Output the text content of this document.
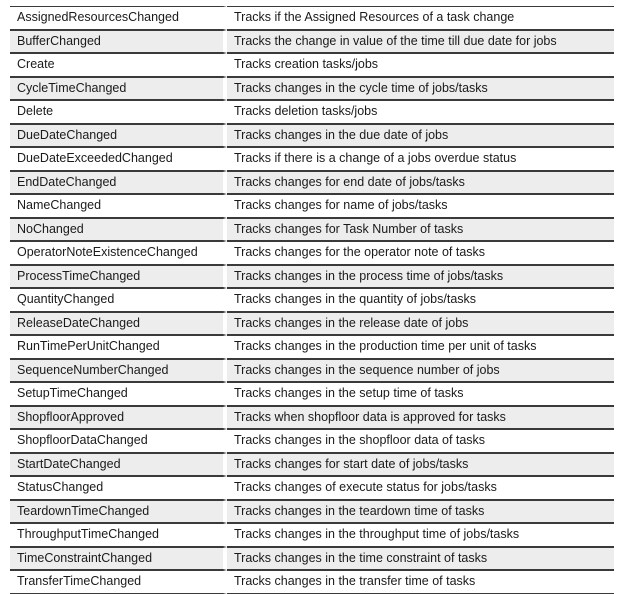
AssignedResourcesChanged	Tracks if the Assigned Resources of a task change
BufferChanged	Tracks the change in value of the time till due date for jobs
Create	Tracks creation tasks/jobs
CycleTimeChanged	Tracks changes in the cycle time of jobs/tasks
Delete	Tracks deletion tasks/jobs
DueDateChanged	Tracks changes in the due date of jobs
DueDateExceededChanged	Tracks if there is a change of a jobs overdue status
EndDateChanged	Tracks changes for end date of jobs/tasks
NameChanged	Tracks changes for name of jobs/tasks
NoChanged	Tracks changes for Task Number of tasks
OperatorNoteExistenceChanged	Tracks changes for the operator note of tasks
ProcessTimeChanged	Tracks changes in the process time of jobs/tasks
QuantityChanged	Tracks changes in the quantity of jobs/tasks
ReleaseDateChanged	Tracks changes in the release date of jobs
RunTimePerUnitChanged	Tracks changes in the production time per unit of tasks
SequenceNumberChanged	Tracks changes in the sequence number of jobs
SetupTimeChanged	Tracks changes in the setup time of tasks
ShopfloorApproved	Tracks when shopfloor data is approved for tasks
ShopfloorDataChanged	Tracks changes in the shopfloor data of tasks
StartDateChanged	Tracks changes for start date of jobs/tasks
StatusChanged	Tracks changes of execute status for jobs/tasks
TeardownTimeChanged	Tracks changes in the teardown time of tasks
ThroughputTimeChanged	Tracks changes in the throughput time of jobs/tasks
TimeConstraintChanged	Tracks changes in the time constraint of tasks
TransferTimeChanged	Tracks changes in the transfer time of tasks
